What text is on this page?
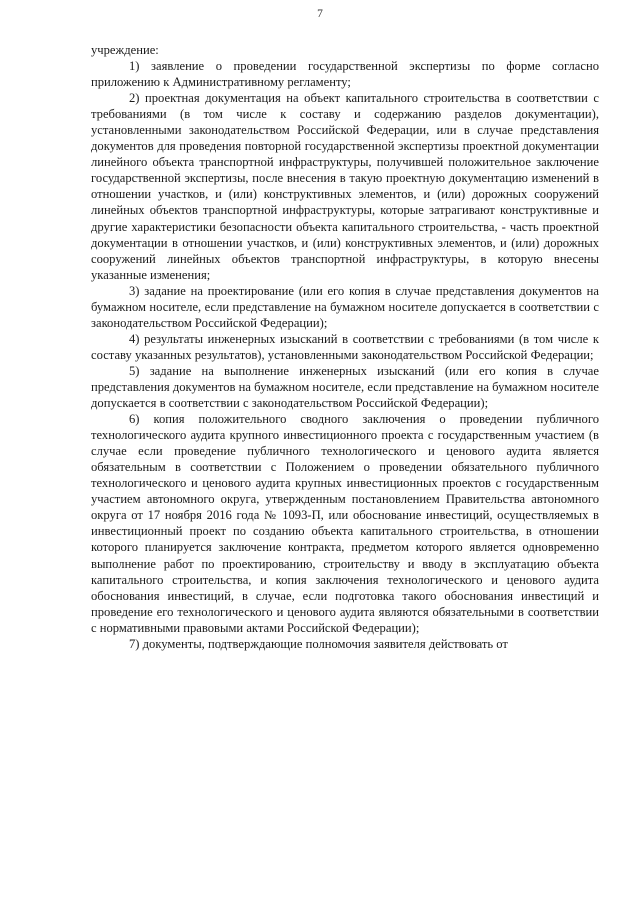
7

учреждение:

1) заявление о проведении государственной экспертизы по форме согласно приложению к Административному регламенту;

2) проектная документация на объект капитального строительства в соответствии с требованиями (в том числе к составу и содержанию разделов документации), установленными законодательством Российской Федерации, или в случае представления документов для проведения повторной государственной экспертизы проектной документации линейного объекта транспортной инфраструктуры, получившей положительное заключение государственной экспертизы, после внесения в такую проектную документацию изменений в отношении участков, и (или) конструктивных элементов, и (или) дорожных сооружений линейных объектов транспортной инфраструктуры, которые затрагивают конструктивные и другие характеристики безопасности объекта капитального строительства, - часть проектной документации в отношении участков, и (или) конструктивных элементов, и (или) дорожных сооружений линейных объектов транспортной инфраструктуры, в которую внесены указанные изменения;

3) задание на проектирование (или его копия в случае представления документов на бумажном носителе, если представление на бумажном носителе допускается в соответствии с законодательством Российской Федерации);

4) результаты инженерных изысканий в соответствии с требованиями (в том числе к составу указанных результатов), установленными законодательством Российской Федерации;

5) задание на выполнение инженерных изысканий (или его копия в случае представления документов на бумажном носителе, если представление на бумажном носителе допускается в соответствии с законодательством Российской Федерации);

6) копия положительного сводного заключения о проведении публичного технологического аудита крупного инвестиционного проекта с государственным участием (в случае если проведение публичного технологического и ценового аудита является обязательным в соответствии с Положением о проведении обязательного публичного технологического и ценового аудита крупных инвестиционных проектов с государственным участием автономного округа, утвержденным постановлением Правительства автономного округа от 17 ноября 2016 года № 1093-П, или обоснование инвестиций, осуществляемых в инвестиционный проект по созданию объекта капитального строительства, в отношении которого планируется заключение контракта, предметом которого является одновременно выполнение работ по проектированию, строительству и вводу в эксплуатацию объекта капитального строительства, и копия заключения технологического и ценового аудита обоснования инвестиций, в случае, если подготовка такого обоснования инвестиций и проведение его технологического и ценового аудита являются обязательными в соответствии с нормативными правовыми актами Российской Федерации);

7) документы, подтверждающие полномочия заявителя действовать от
